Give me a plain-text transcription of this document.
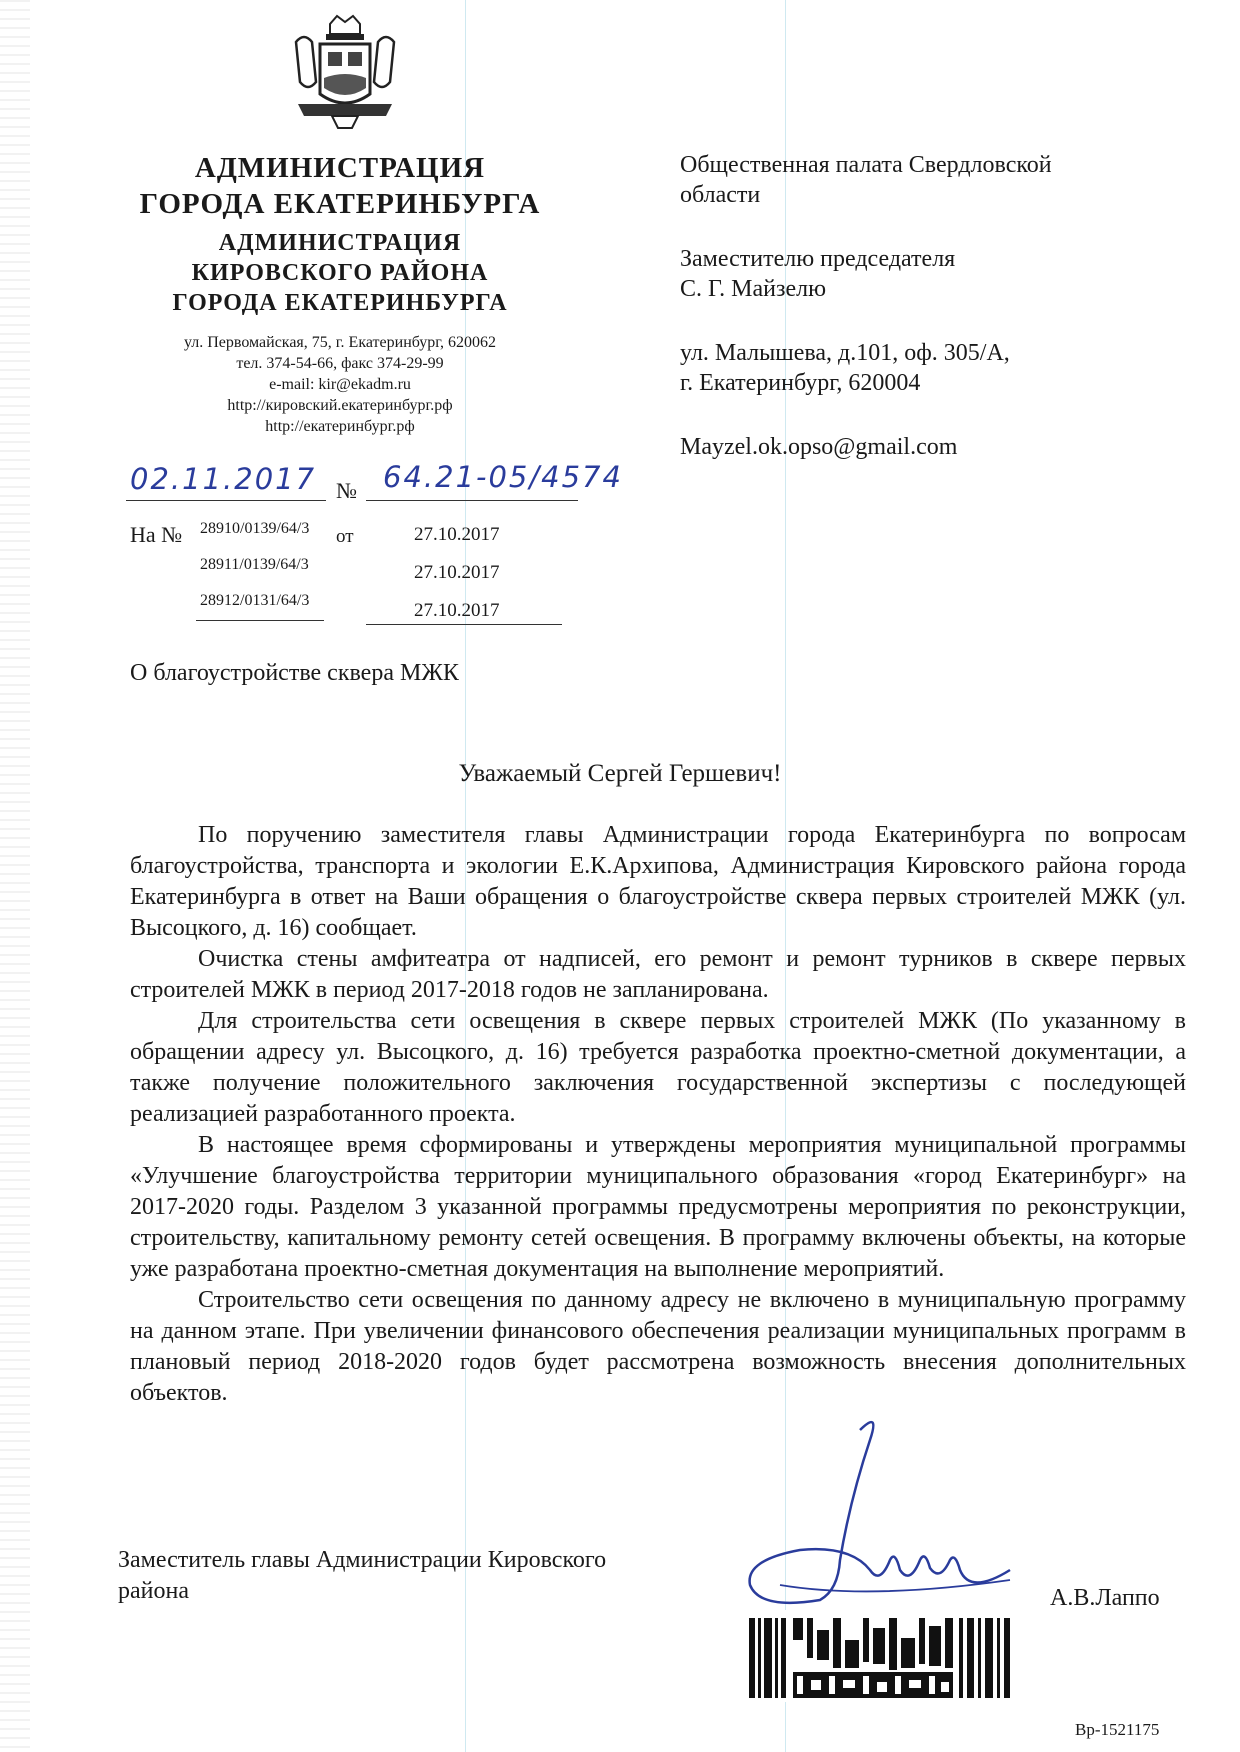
АДМИНИСТРАЦИЯ
ГОРОДА ЕКАТЕРИНБУРГА
АДМИНИСТРАЦИЯ
КИРОВСКОГО РАЙОНА
ГОРОДА ЕКАТЕРИНБУРГА
ул. Первомайская, 75, г. Екатеринбург, 620062
тел. 374-54-66, факс 374-29-99
e-mail: kir@ekadm.ru
http://кировский.екатеринбург.рф
http://екатеринбург.рф
02.11.2017 № 64.21-05/4574
На №	от
28910/0139/64/3	27.10.2017
28911/0139/64/3	27.10.2017
28912/0131/64/3	27.10.2017

Общественная палата Свердловской

области

Заместителю председателя

С. Г. Майзелю

ул. Малышева, д.101, оф. 305/А,

г. Екатеринбург, 620004

Mayzel.ok.opso@gmail.com

О благоустройстве сквера МЖК
Уважаемый Сергей Гершевич!

По поручению заместителя главы Администрации города Екатеринбурга по вопросам благоустройства, транспорта и экологии Е.К.Архипова, Администрация Кировского района города Екатеринбурга в ответ на Ваши обращения о благоустройстве сквера первых строителей МЖК (ул. Высоцкого, д. 16) сообщает.

Очистка стены амфитеатра от надписей, его ремонт и ремонт турников в сквере первых строителей МЖК в период 2017-2018 годов не запланирована.

Для строительства сети освещения в сквере первых строителей МЖК (По указанному в обращении адресу ул. Высоцкого, д. 16) требуется разработка проектно-сметной документации, а также получение положительного заключения государственной экспертизы с последующей реализацией разработанного проекта.

В настоящее время сформированы и утверждены мероприятия муниципальной программы «Улучшение благоустройства территории муниципального образования «город Екатеринбург» на 2017-2020 годы. Разделом 3 указанной программы предусмотрены мероприятия по реконструкции, строительству, капитальному ремонту сетей освещения. В программу включены объекты, на которые уже разработана проектно-сметная документация на выполнение мероприятий.

Строительство сети освещения по данному адресу не включено в муниципальную программу на данном этапе. При увеличении финансового обеспечения реализации муниципальных программ в плановый период 2018-2020 годов будет рассмотрена возможность внесения дополнительных объектов.

Заместитель главы Администрации Кировского
района	А.В.Лаппо
Вр-1521175
